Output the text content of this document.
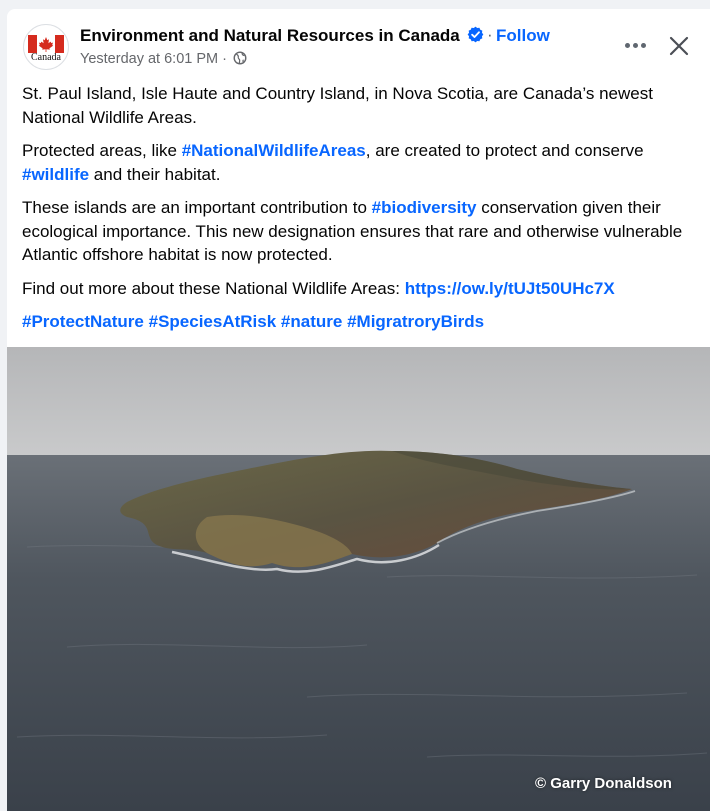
Canada
Environment and Natural Resources in Canada · Follow
Yesterday at 6:01 PM ·

St. Paul Island, Isle Haute and Country Island, in Nova Scotia, are Canada’s newest National Wildlife Areas.

Protected areas, like #NationalWildlifeAreas, are created to protect and conserve #wildlife and their habitat.

These islands are an important contribution to #biodiversity conservation given their ecological importance. This new designation ensures that rare and otherwise vulnerable Atlantic offshore habitat is now protected.

Find out more about these National Wildlife Areas: https://ow.ly/tUJt50UHc7X

#ProtectNature #SpeciesAtRisk #nature #MigratroryBirds

© Garry Donaldson
